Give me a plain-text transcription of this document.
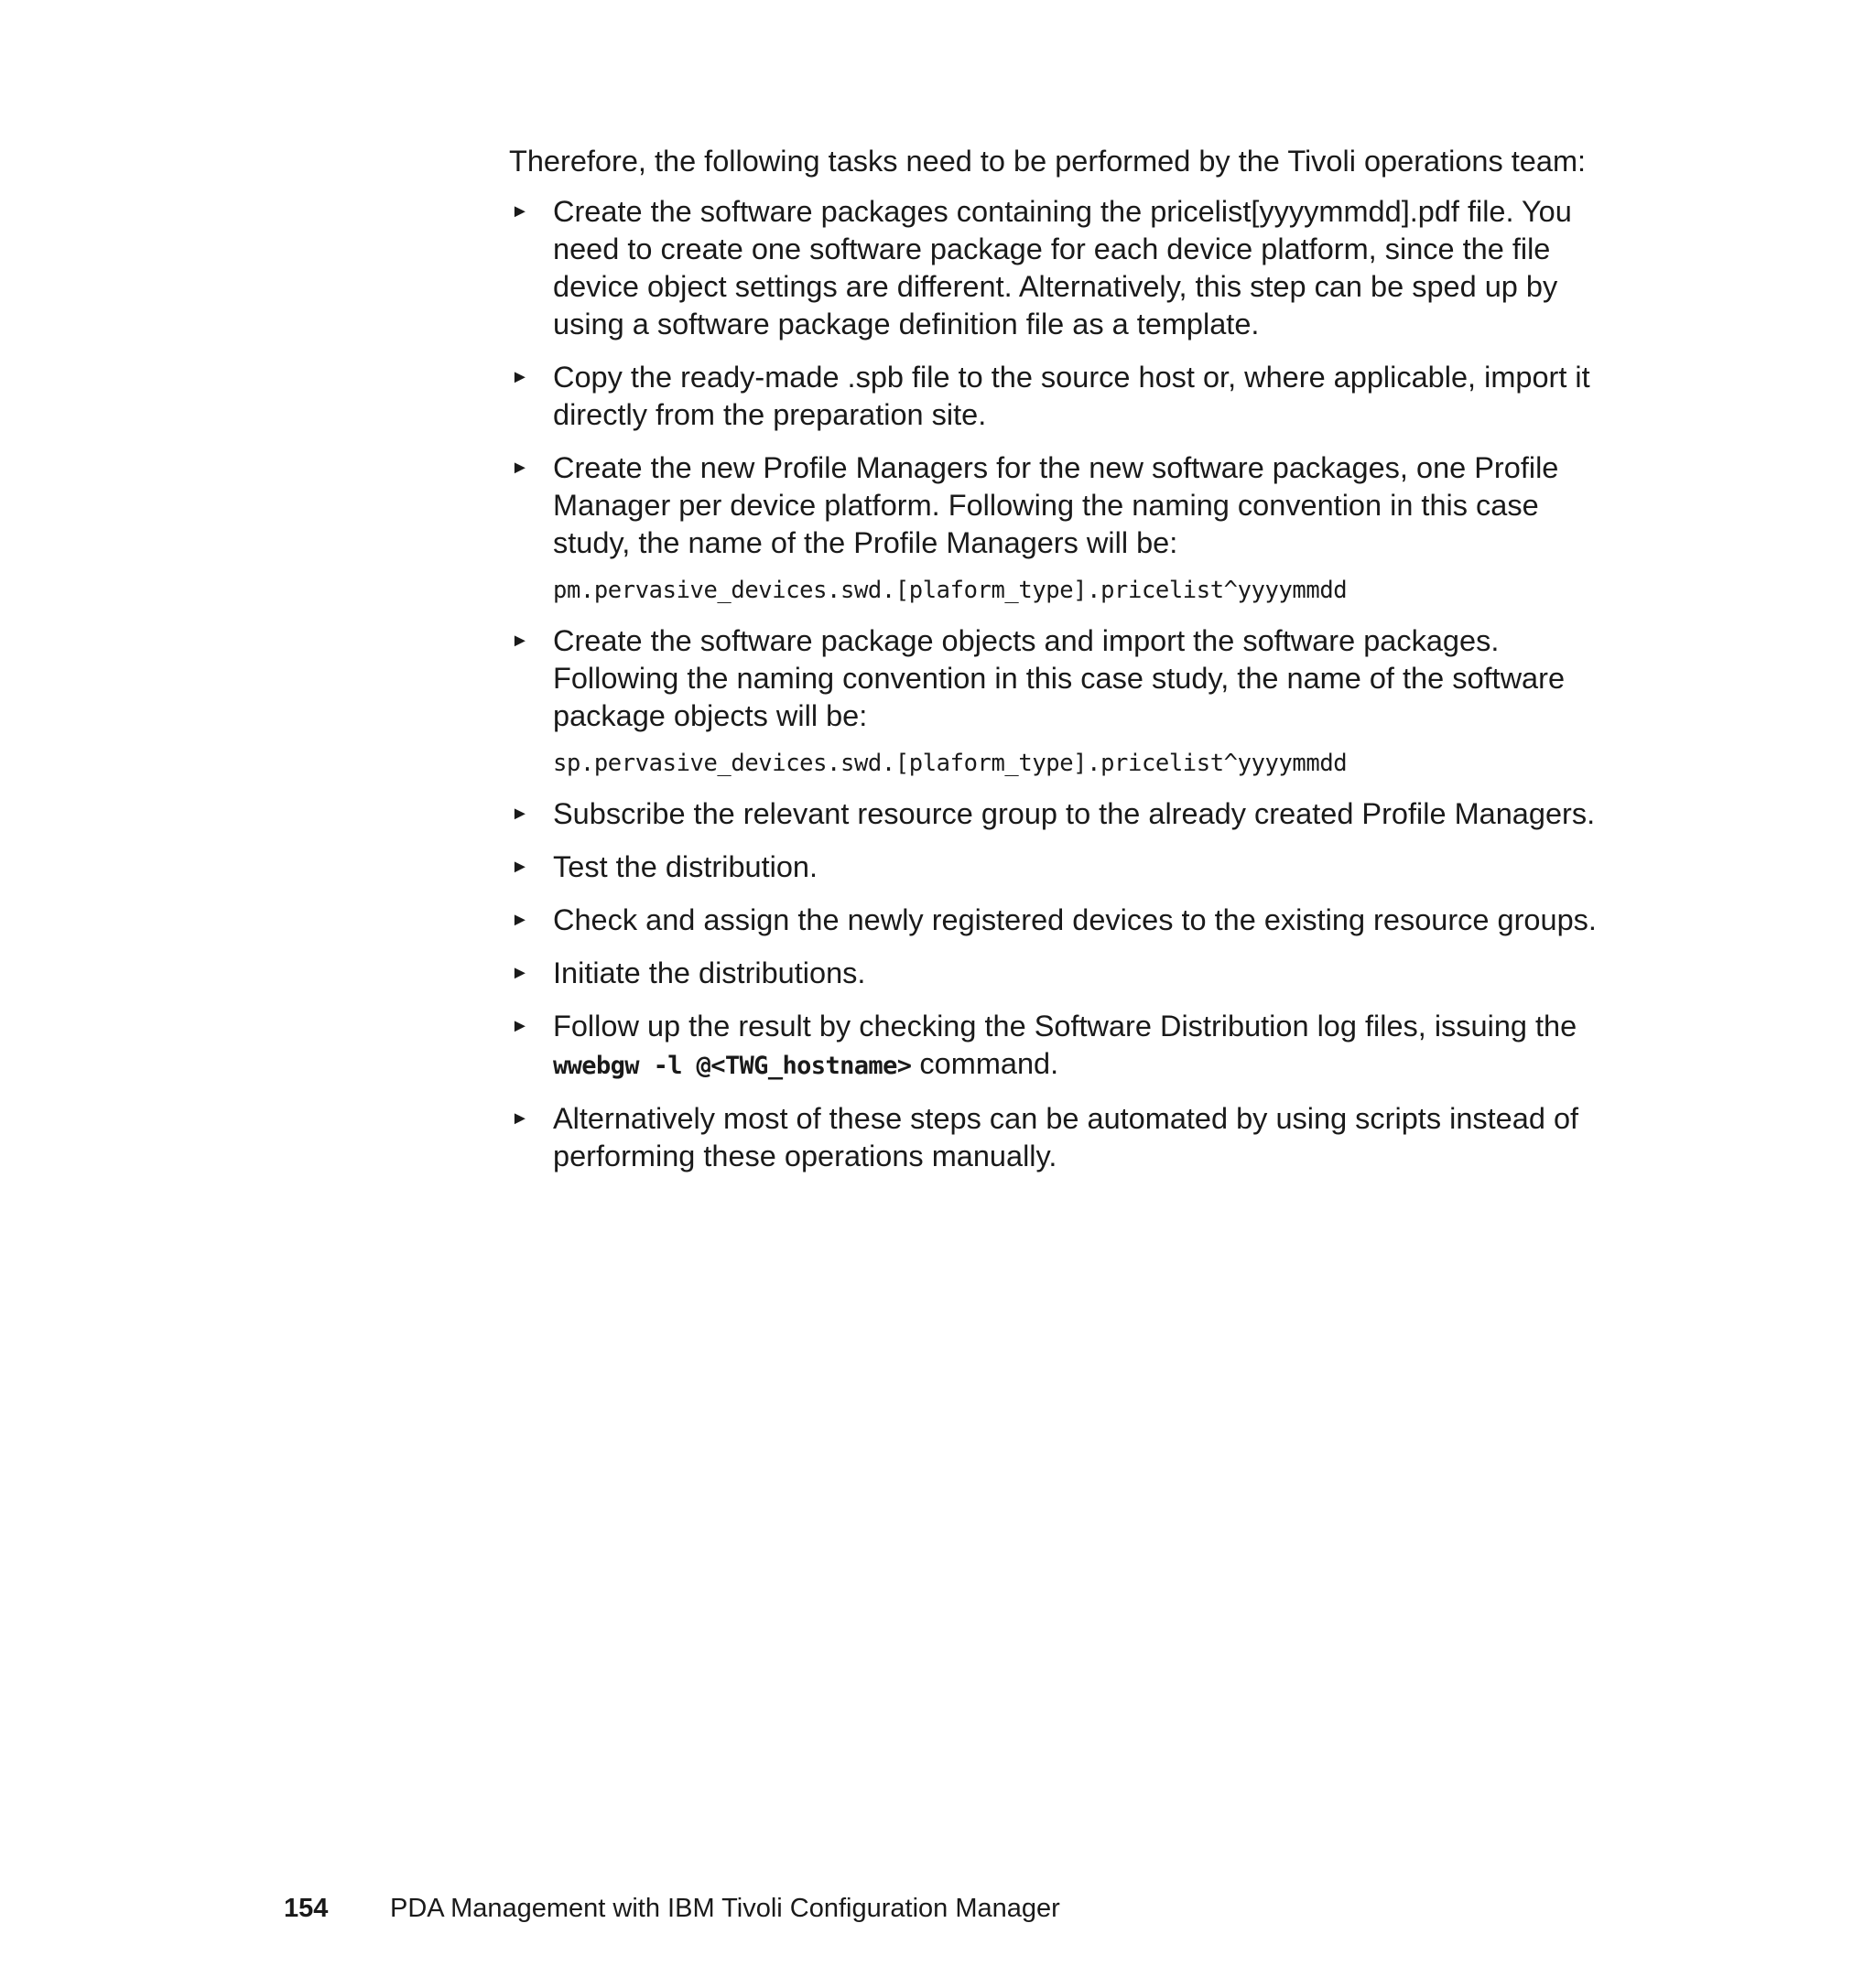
Therefore, the following tasks need to be performed by the Tivoli operations team:

► Create the software packages containing the pricelist[yyyymmdd].pdf file. You need to create one software package for each device platform, since the file device object settings are different. Alternatively, this step can be sped up by using a software package definition file as a template.
► Copy the ready-made .spb file to the source host or, where applicable, import it directly from the preparation site.
► Create the new Profile Managers for the new software packages, one Profile Manager per device platform. Following the naming convention in this case study, the name of the Profile Managers will be:
pm.pervasive_devices.swd.[plaform_type].pricelist^yyyymmdd
► Create the software package objects and import the software packages. Following the naming convention in this case study, the name of the software package objects will be:
sp.pervasive_devices.swd.[plaform_type].pricelist^yyyymmdd
► Subscribe the relevant resource group to the already created Profile Managers.
► Test the distribution.
► Check and assign the newly registered devices to the existing resource groups.
► Initiate the distributions.
► Follow up the result by checking the Software Distribution log files, issuing the wwebgw -l @<TWG_hostname> command.
► Alternatively most of these steps can be automated by using scripts instead of performing these operations manually.
154 PDA Management with IBM Tivoli Configuration Manager
